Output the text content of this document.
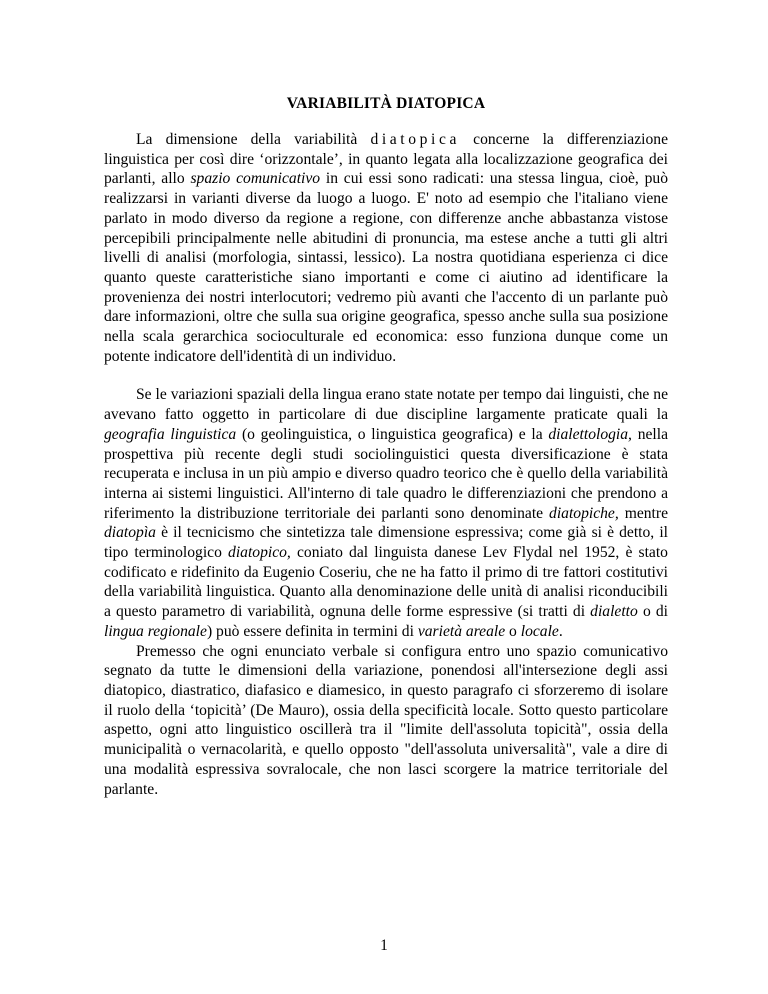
VARIABILITÀ DIATOPICA

La dimensione della variabilità diatopica concerne la differenziazione linguistica per così dire ‘orizzontale’, in quanto legata alla localizzazione geografica dei parlanti, allo spazio comunicativo in cui essi sono radicati: una stessa lingua, cioè, può realizzarsi in varianti diverse da luogo a luogo. E' noto ad esempio che l'italiano viene parlato in modo diverso da regione a regione, con differenze anche abbastanza vistose percepibili principalmente nelle abitudini di pronuncia, ma estese anche a tutti gli altri livelli di analisi (morfologia, sintassi, lessico). La nostra quotidiana esperienza ci dice quanto queste caratteristiche siano importanti e come ci aiutino ad identificare la provenienza dei nostri interlocutori; vedremo più avanti che l'accento di un parlante può dare informazioni, oltre che sulla sua origine geografica, spesso anche sulla sua posizione nella scala gerarchica socioculturale ed economica: esso funziona dunque come un potente indicatore dell'identità di un individuo.

Se le variazioni spaziali della lingua erano state notate per tempo dai linguisti, che ne avevano fatto oggetto in particolare di due discipline largamente praticate quali la geografia linguistica (o geolinguistica, o linguistica geografica) e la dialettologia, nella prospettiva più recente degli studi sociolinguistici questa diversificazione è stata recuperata e inclusa in un più ampio e diverso quadro teorico che è quello della variabilità interna ai sistemi linguistici. All'interno di tale quadro le differenziazioni che prendono a riferimento la distribuzione territoriale dei parlanti sono denominate diatopiche, mentre diatopìa è il tecnicismo che sintetizza tale dimensione espressiva; come già si è detto, il tipo terminologico diatopico, coniato dal linguista danese Lev Flydal nel 1952, è stato codificato e ridefinito da Eugenio Coseriu, che ne ha fatto il primo di tre fattori costitutivi della variabilità linguistica. Quanto alla denominazione delle unità di analisi riconducibili a questo parametro di variabilità, ognuna delle forme espressive (si tratti di dialetto o di lingua regionale) può essere definita in termini di varietà areale o locale.

Premesso che ogni enunciato verbale si configura entro uno spazio comunicativo segnato da tutte le dimensioni della variazione, ponendosi all'intersezione degli assi diatopico, diastratico, diafasico e diamesico, in questo paragrafo ci sforzeremo di isolare il ruolo della ‘topicità’ (De Mauro), ossia della specificità locale. Sotto questo particolare aspetto, ogni atto linguistico oscillerà tra il "limite dell'assoluta topicità", ossia della municipalità o vernacolarità, e quello opposto "dell'assoluta universalità", vale a dire di una modalità espressiva sovralocale, che non lasci scorgere la matrice territoriale del parlante.

1
